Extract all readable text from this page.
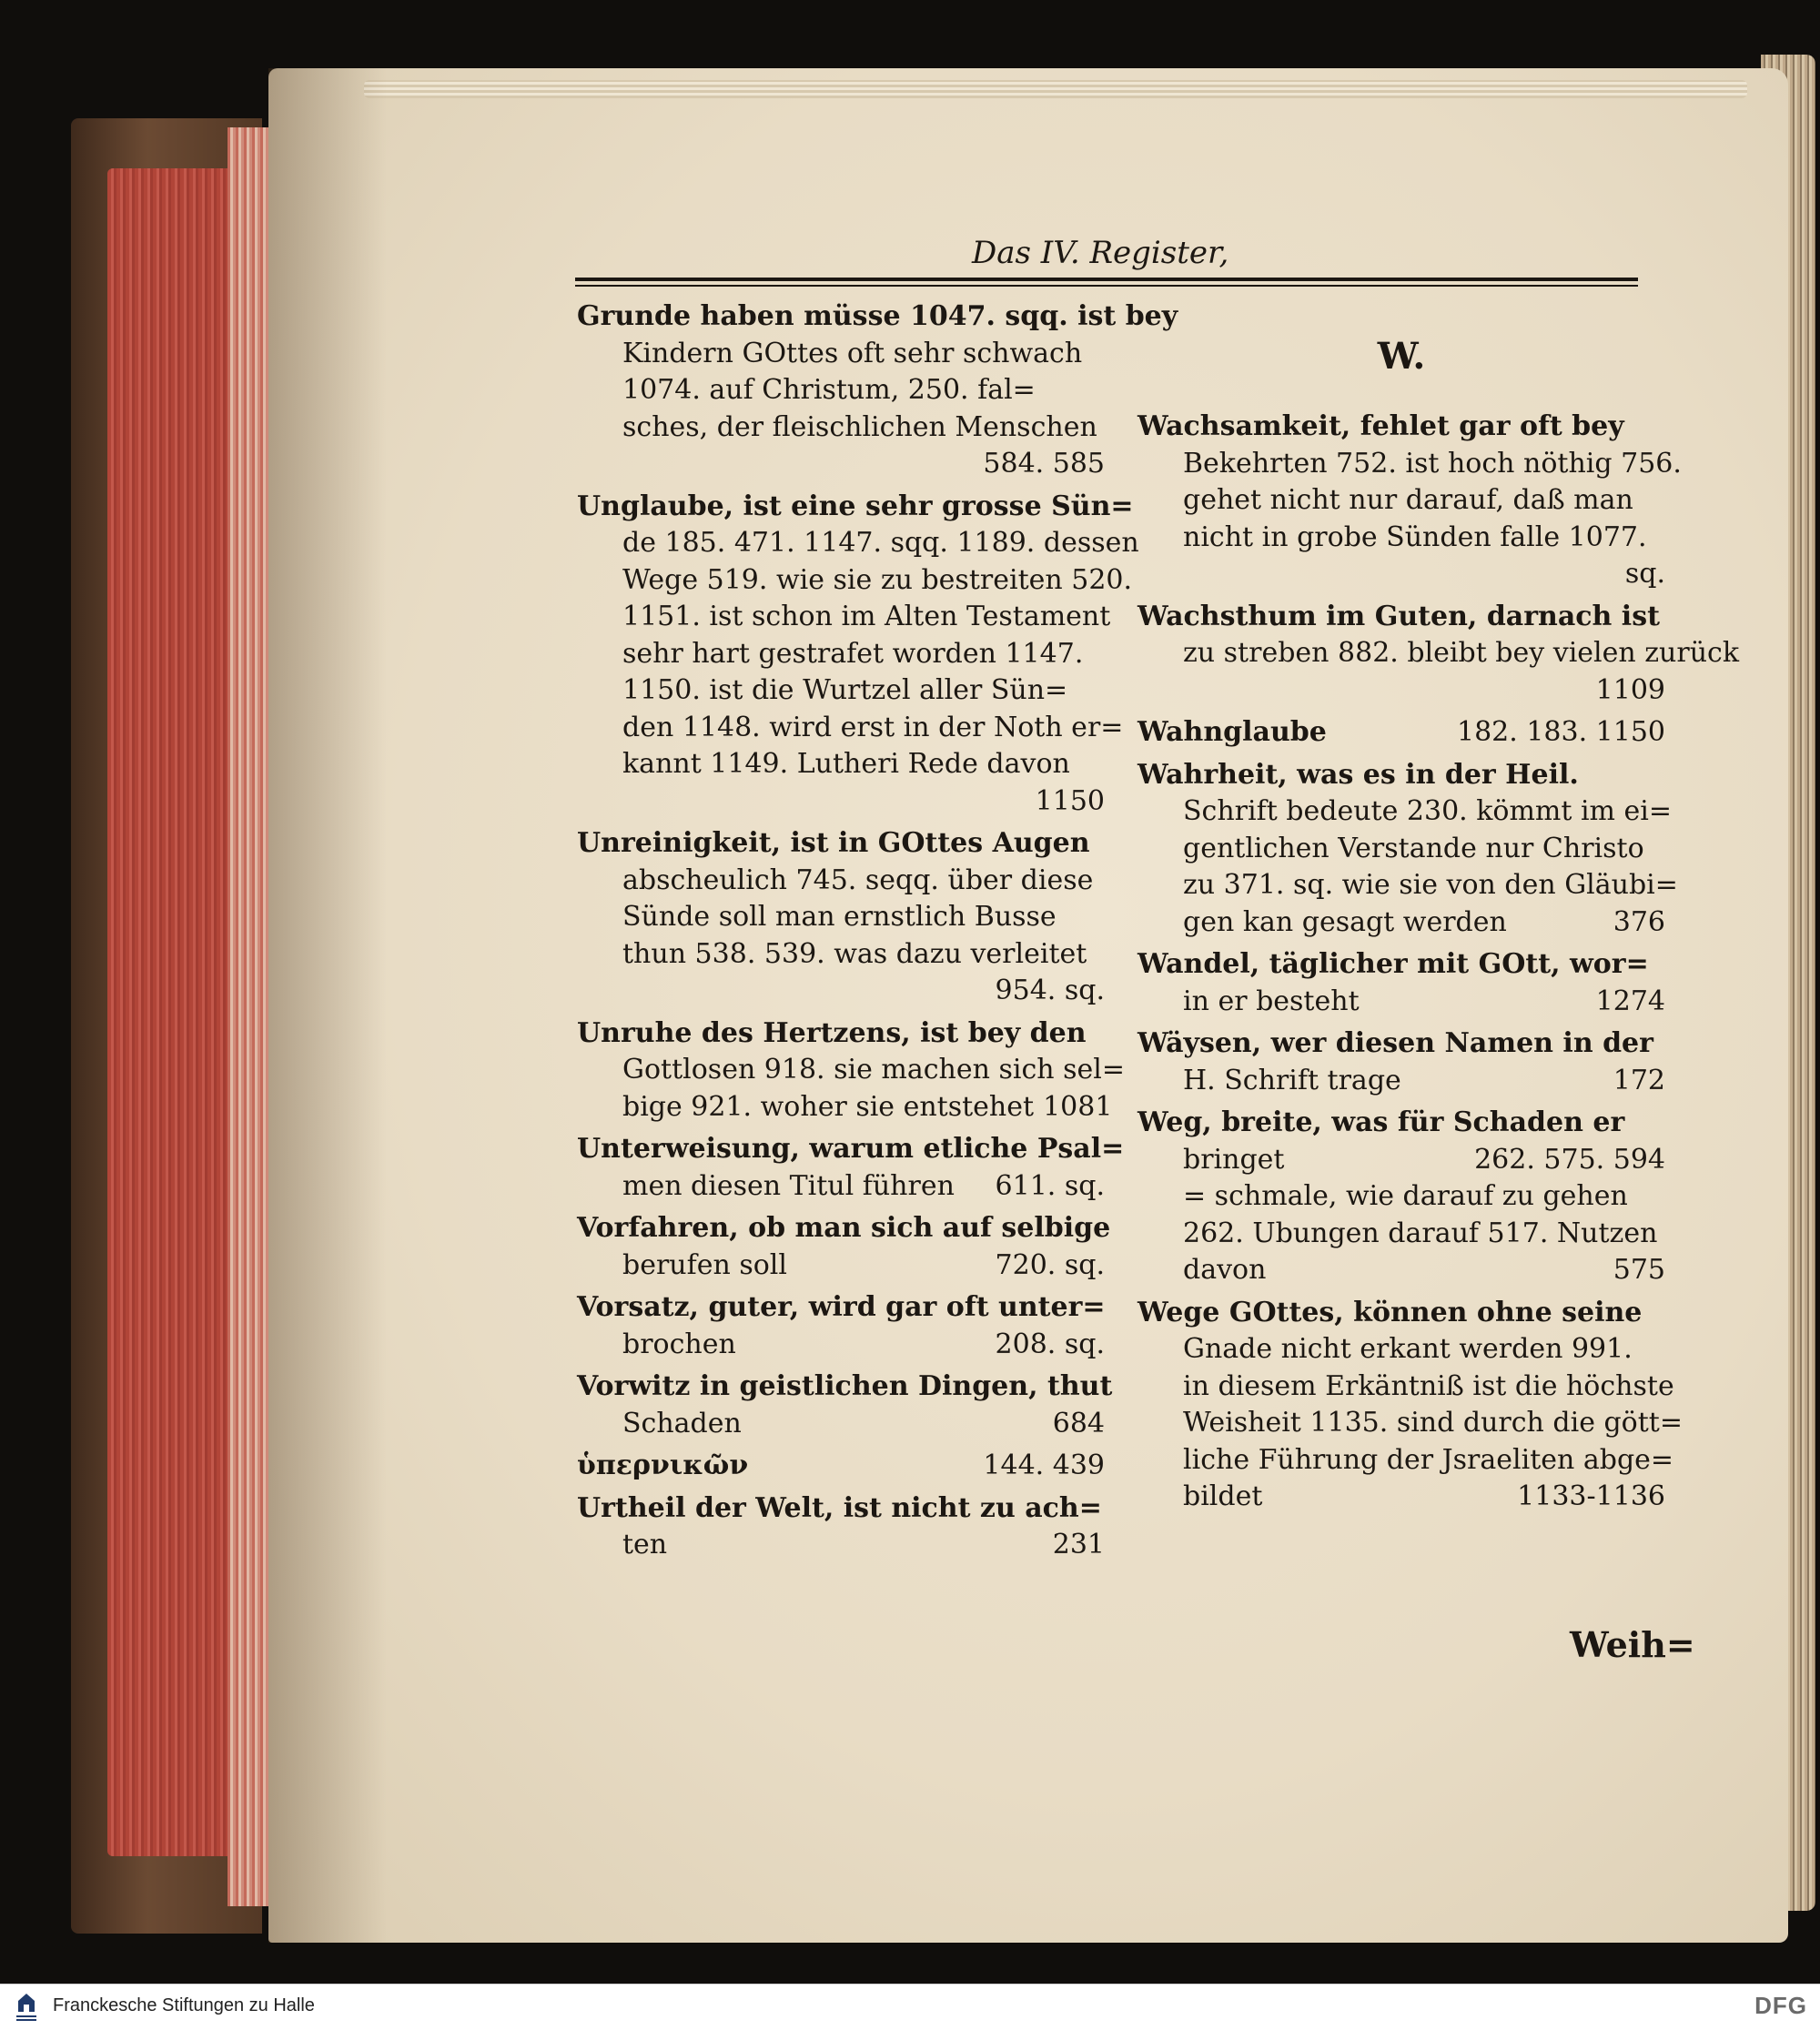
Das IV. Register,
Grunde haben müsse 1047. sqq. ist bey
Kindern GOttes oft sehr schwach
1074. auf Christum, 250. fal=
sches, der fleischlichen Menschen
584. 585
Unglaube, ist eine sehr grosse Sün=
de 185. 471. 1147. sqq. 1189. dessen
Wege 519. wie sie zu bestreiten 520.
1151. ist schon im Alten Testament
sehr hart gestrafet worden 1147.
1150. ist die Wurtzel aller Sün=
den 1148. wird erst in der Noth er=
kannt 1149. Lutheri Rede davon
1150
Unreinigkeit, ist in GOttes Augen
abscheulich 745. seqq. über diese
Sünde soll man ernstlich Busse
thun 538. 539. was dazu verleitet
954. sq.
Unruhe des Hertzens, ist bey den
Gottlosen 918. sie machen sich sel=
bige 921. woher sie entstehet 1081
Unterweisung, warum etliche Psal=
men diesen Titul führen	611. sq.
Vorfahren, ob man sich auf selbige
berufen soll	720. sq.
Vorsatz, guter, wird gar oft unter=
brochen	208. sq.
Vorwitz in geistlichen Dingen, thut
Schaden	684
ὑπερνικῶν	144. 439
Urtheil der Welt, ist nicht zu ach=
ten	231
W.
Wachsamkeit, fehlet gar oft bey
Bekehrten 752. ist hoch nöthig 756.
gehet nicht nur darauf, daß man
nicht in grobe Sünden falle 1077.
sq.
Wachsthum im Guten, darnach ist
zu streben 882. bleibt bey vielen zurück
1109
Wahnglaube	182. 183. 1150
Wahrheit, was es in der Heil.
Schrift bedeute 230. kömmt im ei=
gentlichen Verstande nur Christo
zu 371. sq. wie sie von den Gläubi=
gen kan gesagt werden	376
Wandel, täglicher mit GOtt, wor=
in er besteht	1274
Wäysen, wer diesen Namen in der
H. Schrift trage	172
Weg, breite, was für Schaden er
bringet	262. 575. 594
= schmale, wie darauf zu gehen
262. Ubungen darauf 517. Nutzen
davon	575
Wege GOttes, können ohne seine
Gnade nicht erkant werden 991.
in diesem Erkäntniß ist die höchste
Weisheit 1135. sind durch die gött=
liche Führung der Jsraeliten abge=
bildet	1133-1136
Weih=
Franckesche Stiftungen zu Halle	DFG
